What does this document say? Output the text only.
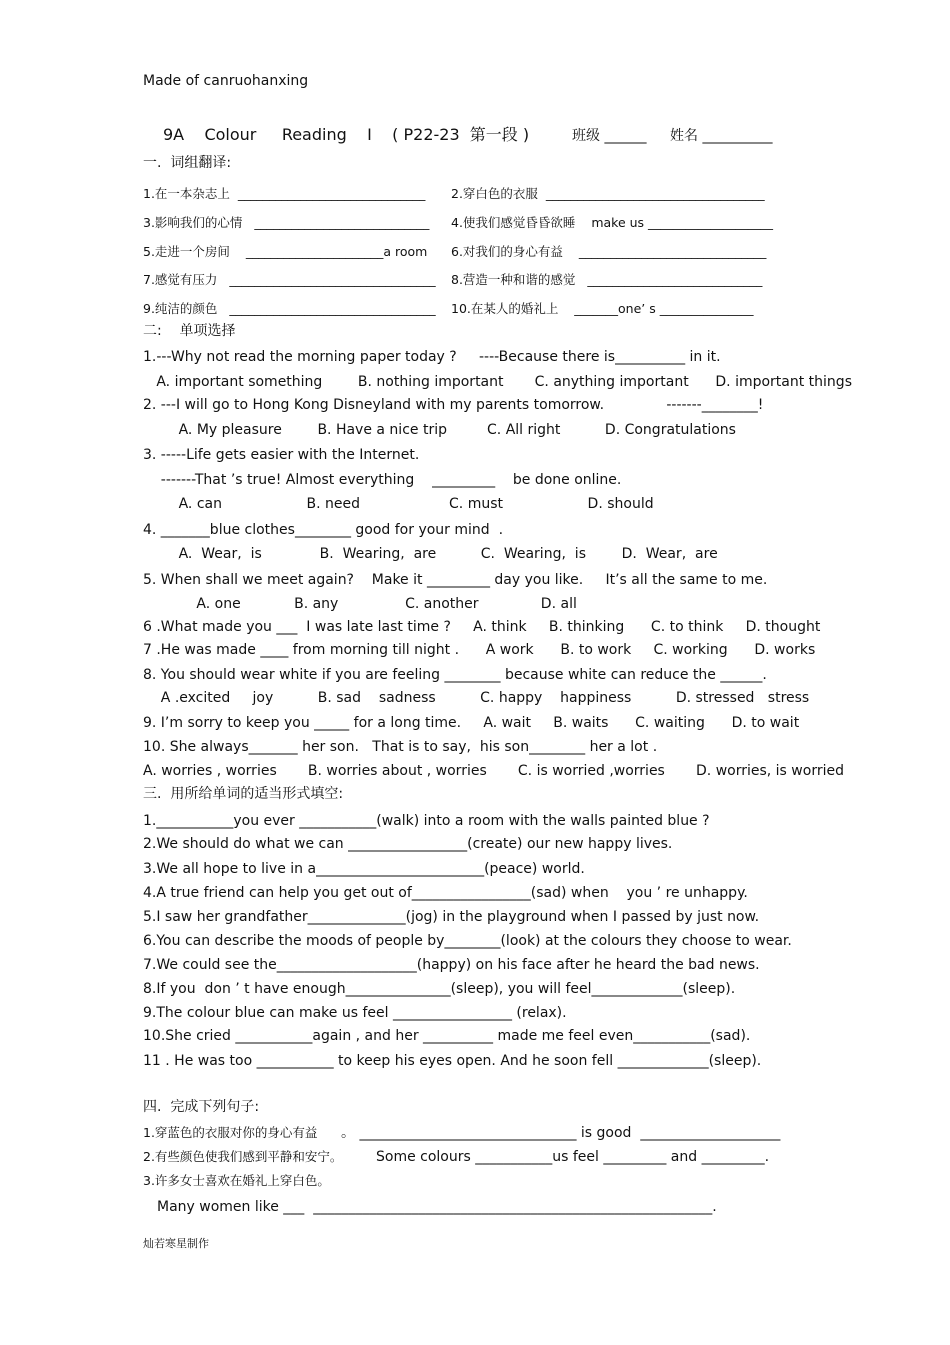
Made of canruohanxing
9A    Colour     Reading    I    ( P22-23  第一段 )	班级 ______ 姓名 __________
一.  词组翻译:
1.在一本杂志上  ______________________________ 2.穿白色的衣服  ___________________________________
3.影响我们的心情   ____________________________ 4.使我们感觉昏昏欲睡    make us ____________________
5.走进一个房间    ______________________a room 6.对我们的身心有益    ______________________________
7.感觉有压力   _________________________________ 8.营造一种和谐的感觉   ____________________________
9.纯洁的颜色   _________________________________ 10.在某人的婚礼上    _______one’ s _______________
二:    单项选择
1.---Why not read the morning paper today ?     ----Because there is__________ in it.
A. important something        B. nothing important       C. anything important      D. important things
2. ---I will go to Hong Kong Disneyland with my parents tomorrow.              -------________!
A. My pleasure        B. Have a nice trip         C. All right          D. Congratulations
3. -----Life gets easier with the Internet.
-------That ’s true! Almost everything    _________    be done online.
A. can                   B. need                    C. must                   D. should
4. _______blue clothes________ good for your mind  .
A.  Wear,  is             B.  Wearing,  are          C.  Wearing,  is        D.  Wear,  are
5. When shall we meet again?    Make it _________ day you like.     It’s all the same to me.
A. one            B. any               C. another              D. all
6 .What made you ___  I was late last time ?     A. think     B. thinking      C. to think     D. thought
7 .He was made ____ from morning till night .      A work      B. to work     C. working      D. works
8. You should wear white if you are feeling ________ because white can reduce the ______.
A .excited     joy          B. sad    sadness          C. happy    happiness          D. stressed   stress
9. I’m sorry to keep you _____ for a long time.     A. wait     B. waits      C. waiting      D. to wait
10. She always_______ her son.   That is to say,  his son________ her a lot .
A. worries , worries       B. worries about , worries       C. is worried ,worries       D. worries, is worried
三.  用所给单词的适当形式填空:
1.___________you ever ___________(walk) into a room with the walls painted blue ?
2.We should do what we can _________________(create) our new happy lives.
3.We all hope to live in a________________________(peace) world.
4.A true friend can help you get out of_________________(sad) when    you ’ re unhappy.
5.I saw her grandfather______________(jog) in the playground when I passed by just now.
6.You can describe the moods of people by________(look) at the colours they choose to wear.
7.We could see the____________________(happy) on his face after he heard the bad news.
8.If you  don ’ t have enough_______________(sleep), you will feel_____________(sleep).
9.The colour blue can make us feel _________________ (relax).
10.She cried ___________again , and her __________ made me feel even___________(sad).
11 . He was too ___________ to keep his eyes open. And he soon fell _____________(sleep).
四.  完成下列句子:
1.穿蓝色的衣服对你的身心有益 。 _______________________________ is good  ____________________
2.有些颜色使我们感到平静和安宁。 Some colours ___________us feel _________ and _________.
3.许多女士喜欢在婚礼上穿白色。
Many women like ___  _________________________________________________________.
灿若寒星制作
